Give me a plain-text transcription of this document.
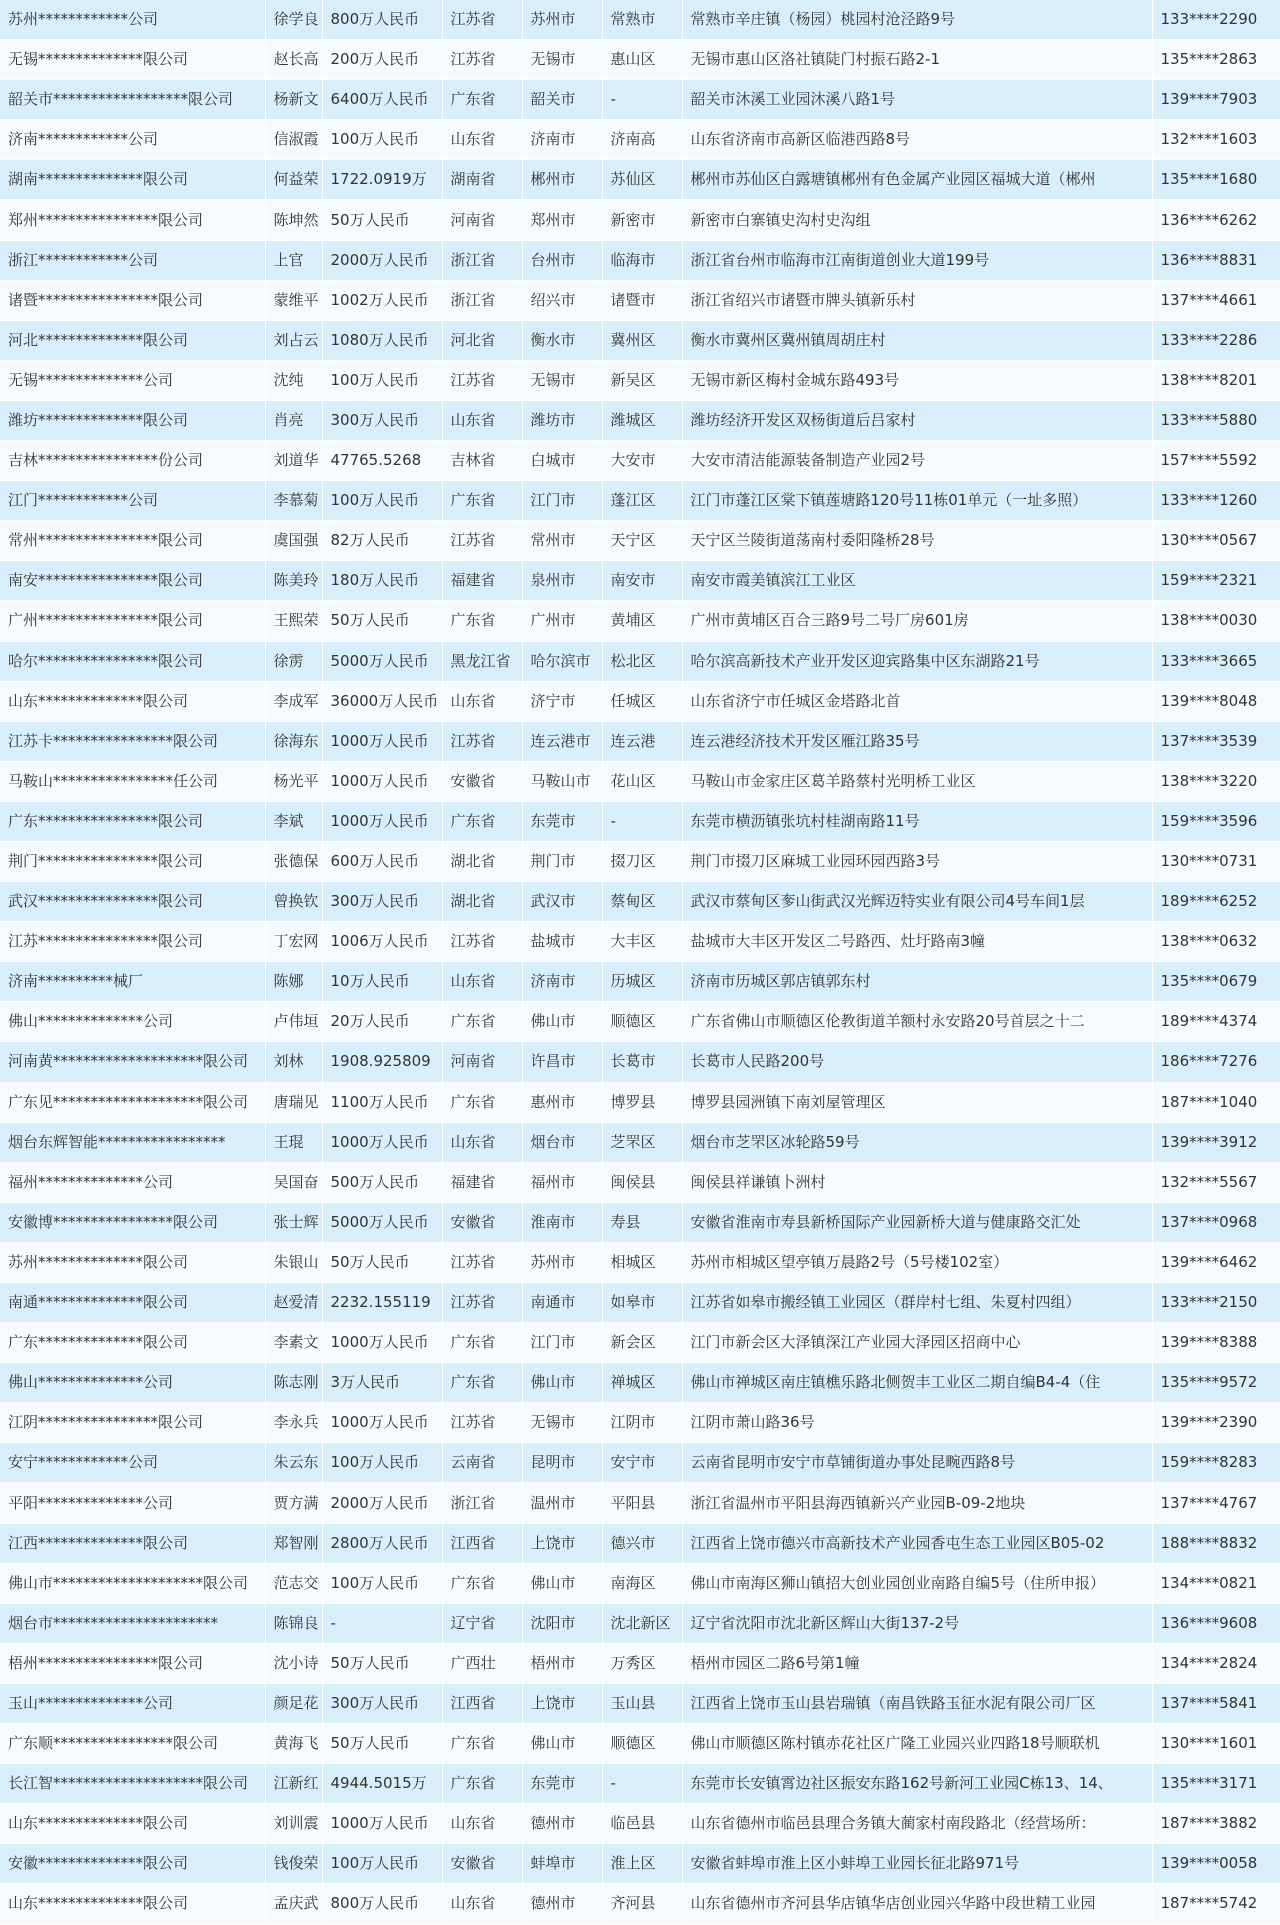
苏州************公司	徐学良	800万人民币	江苏省	苏州市	常熟市	常熟市辛庄镇（杨园）桃园村沧泾路9号	133****2290
无锡**************限公司	赵长高	200万人民币	江苏省	无锡市	惠山区	无锡市惠山区洛社镇陡门村振石路2-1	135****2863
韶关市******************限公司	杨新文	6400万人民币	广东省	韶关市	-	韶关市沐溪工业园沐溪八路1号	139****7903
济南************公司	信淑霞	100万人民币	山东省	济南市	济南高	山东省济南市高新区临港西路8号	132****1603
湖南**************限公司	何益荣	1722.0919万	湖南省	郴州市	苏仙区	郴州市苏仙区白露塘镇郴州有色金属产业园区福城大道（郴州	135****1680
郑州****************限公司	陈坤然	50万人民币	河南省	郑州市	新密市	新密市白寨镇史沟村史沟组	136****6262
浙江************公司	上官	2000万人民币	浙江省	台州市	临海市	浙江省台州市临海市江南街道创业大道199号	136****8831
诸暨****************限公司	蒙维平	1002万人民币	浙江省	绍兴市	诸暨市	浙江省绍兴市诸暨市牌头镇新乐村	137****4661
河北**************限公司	刘占云	1080万人民币	河北省	衡水市	冀州区	衡水市冀州区冀州镇周胡庄村	133****2286
无锡**************公司	沈纯	100万人民币	江苏省	无锡市	新吴区	无锡市新区梅村金城东路493号	138****8201
潍坊**************限公司	肖亮	300万人民币	山东省	潍坊市	潍城区	潍坊经济开发区双杨街道后吕家村	133****5880
吉林****************份公司	刘道华	47765.5268	吉林省	白城市	大安市	大安市清洁能源装备制造产业园2号	157****5592
江门************公司	李慕菊	100万人民币	广东省	江门市	蓬江区	江门市蓬江区棠下镇莲塘路120号11栋01单元（一址多照）	133****1260
常州****************限公司	虞国强	82万人民币	江苏省	常州市	天宁区	天宁区兰陵街道荡南村委阳隆桥28号	130****0567
南安****************限公司	陈美玲	180万人民币	福建省	泉州市	南安市	南安市霞美镇滨江工业区	159****2321
广州****************限公司	王熙荣	50万人民币	广东省	广州市	黄埔区	广州市黄埔区百合三路9号二号厂房601房	138****0030
哈尔****************限公司	徐雳	5000万人民币	黑龙江省	哈尔滨市	松北区	哈尔滨高新技术产业开发区迎宾路集中区东湖路21号	133****3665
山东**************限公司	李成军	36000万人民币	山东省	济宁市	任城区	山东省济宁市任城区金塔路北首	139****8048
江苏卡****************限公司	徐海东	1000万人民币	江苏省	连云港市	连云港	连云港经济技术开发区雁江路35号	137****3539
马鞍山****************任公司	杨光平	1000万人民币	安徽省	马鞍山市	花山区	马鞍山市金家庄区葛羊路蔡村光明桥工业区	138****3220
广东****************限公司	李斌	1000万人民币	广东省	东莞市	-	东莞市横沥镇张坑村桂湖南路11号	159****3596
荆门****************限公司	张德保	600万人民币	湖北省	荆门市	掇刀区	荆门市掇刀区麻城工业园环园西路3号	130****0731
武汉****************限公司	曾换钦	300万人民币	湖北省	武汉市	蔡甸区	武汉市蔡甸区奓山街武汉光辉迈特实业有限公司4号车间1层	189****6252
江苏****************限公司	丁宏网	1006万人民币	江苏省	盐城市	大丰区	盐城市大丰区开发区二号路西、灶圩路南3幢	138****0632
济南**********械厂	陈娜	10万人民币	山东省	济南市	历城区	济南市历城区郭店镇郭东村	135****0679
佛山**************公司	卢伟垣	20万人民币	广东省	佛山市	顺德区	广东省佛山市顺德区伦教街道羊额村永安路20号首层之十二	189****4374
河南黄********************限公司	刘林	1908.925809	河南省	许昌市	长葛市	长葛市人民路200号	186****7276
广东见********************限公司	唐瑞见	1100万人民币	广东省	惠州市	博罗县	博罗县园洲镇下南刘屋管理区	187****1040
烟台东辉智能*****************	王琨	1000万人民币	山东省	烟台市	芝罘区	烟台市芝罘区冰轮路59号	139****3912
福州**************公司	吴国奋	500万人民币	福建省	福州市	闽侯县	闽侯县祥谦镇卜洲村	132****5567
安徽博****************限公司	张士辉	5000万人民币	安徽省	淮南市	寿县	安徽省淮南市寿县新桥国际产业园新桥大道与健康路交汇处	137****0968
苏州**************限公司	朱银山	50万人民币	江苏省	苏州市	相城区	苏州市相城区望亭镇万晨路2号（5号楼102室）	139****6462
南通**************限公司	赵爱清	2232.155119	江苏省	南通市	如皋市	江苏省如皋市搬经镇工业园区（群岸村七组、朱夏村四组）	133****2150
广东**************限公司	李素文	1000万人民币	广东省	江门市	新会区	江门市新会区大泽镇深江产业园大泽园区招商中心	139****8388
佛山**************公司	陈志刚	3万人民币	广东省	佛山市	禅城区	佛山市禅城区南庄镇樵乐路北侧贺丰工业区二期自编B4-4（住	135****9572
江阴****************限公司	李永兵	1000万人民币	江苏省	无锡市	江阴市	江阴市萧山路36号	139****2390
安宁************公司	朱云东	100万人民币	云南省	昆明市	安宁市	云南省昆明市安宁市草铺街道办事处昆畹西路8号	159****8283
平阳**************公司	贾方满	2000万人民币	浙江省	温州市	平阳县	浙江省温州市平阳县海西镇新兴产业园B-09-2地块	137****4767
江西**************限公司	郑智刚	2800万人民币	江西省	上饶市	德兴市	江西省上饶市德兴市高新技术产业园香屯生态工业园区B05-02	188****8832
佛山市********************限公司	范志交	100万人民币	广东省	佛山市	南海区	佛山市南海区狮山镇招大创业园创业南路自编5号（住所申报）	134****0821
烟台市**********************	陈锦良	-	辽宁省	沈阳市	沈北新区	辽宁省沈阳市沈北新区辉山大街137-2号	136****9608
梧州****************限公司	沈小诗	50万人民币	广西壮	梧州市	万秀区	梧州市园区二路6号第1幢	134****2824
玉山**************公司	颜足花	300万人民币	江西省	上饶市	玉山县	江西省上饶市玉山县岩瑞镇（南昌铁路玉征水泥有限公司厂区	137****5841
广东顺****************限公司	黄海飞	50万人民币	广东省	佛山市	顺德区	佛山市顺德区陈村镇赤花社区广隆工业园兴业四路18号顺联机	130****1601
长江智********************限公司	江新红	4944.5015万	广东省	东莞市	-	东莞市长安镇霄边社区振安东路162号新河工业园C栋13、14、	135****3171
山东**************限公司	刘训震	1000万人民币	山东省	德州市	临邑县	山东省德州市临邑县理合务镇大蔺家村南段路北（经营场所：	187****3882
安徽**************限公司	钱俊荣	100万人民币	安徽省	蚌埠市	淮上区	安徽省蚌埠市淮上区小蚌埠工业园长征北路971号	139****0058
山东**************限公司	孟庆武	800万人民币	山东省	德州市	齐河县	山东省德州市齐河县华店镇华店创业园兴华路中段世精工业园	187****5742
